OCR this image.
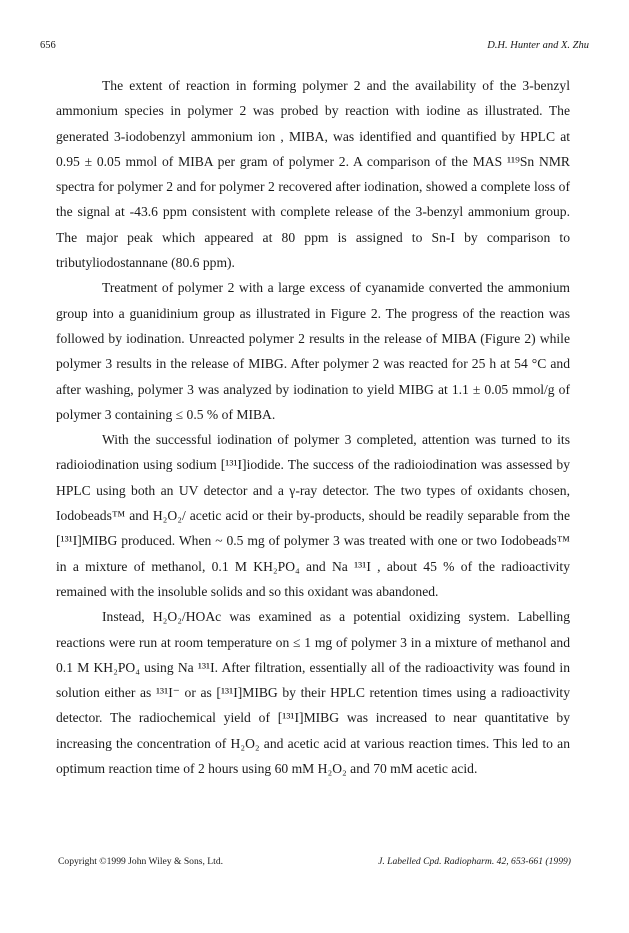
656	D.H. Hunter and X. Zhu

The extent of reaction in forming polymer 2 and the availability of the 3-benzyl ammonium species in polymer 2 was probed by reaction with iodine as illustrated. The generated 3-iodobenzyl ammonium ion , MIBA, was identified and quantified by HPLC at 0.95 ± 0.05 mmol of MIBA per gram of polymer 2. A comparison of the MAS ¹¹⁹Sn NMR spectra for polymer 2 and for polymer 2 recovered after iodination, showed a complete loss of the signal at -43.6 ppm consistent with complete release of the 3-benzyl ammonium group. The major peak which appeared at 80 ppm is assigned to Sn-I by comparison to tributyliodostannane (80.6 ppm).

Treatment of polymer 2 with a large excess of cyanamide converted the ammonium group into a guanidinium group as illustrated in Figure 2. The progress of the reaction was followed by iodination. Unreacted polymer 2 results in the release of MIBA (Figure 2) while polymer 3 results in the release of MIBG. After polymer 2 was reacted for 25 h at 54 °C and after washing, polymer 3 was analyzed by iodination to yield MIBG at 1.1 ± 0.05 mmol/g of polymer 3 containing ≤ 0.5 % of MIBA.

With the successful iodination of polymer 3 completed, attention was turned to its radioiodination using sodium [¹³¹I]iodide. The success of the radioiodination was assessed by HPLC using both an UV detector and a γ-ray detector. The two types of oxidants chosen, Iodobeads™ and H₂O₂/ acetic acid or their by-products, should be readily separable from the [¹³¹I]MIBG produced. When ~ 0.5 mg of polymer 3 was treated with one or two Iodobeads™ in a mixture of methanol, 0.1 M KH₂PO₄ and Na ¹³¹I , about 45 % of the radioactivity remained with the insoluble solids and so this oxidant was abandoned.

Instead, H₂O₂/HOAc was examined as a potential oxidizing system. Labelling reactions were run at room temperature on ≤ 1 mg of polymer 3 in a mixture of methanol and 0.1 M KH₂PO₄ using Na ¹³¹I. After filtration, essentially all of the radioactivity was found in solution either as ¹³¹I⁻ or as [¹³¹I]MIBG by their HPLC retention times using a radioactivity detector. The radiochemical yield of [¹³¹I]MIBG was increased to near quantitative by increasing the concentration of H₂O₂ and acetic acid at various reaction times. This led to an optimum reaction time of 2 hours using 60 mM H₂O₂ and 70 mM acetic acid.

Copyright ©1999 John Wiley & Sons, Ltd.	J. Labelled Cpd. Radiopharm. 42, 653-661 (1999)
